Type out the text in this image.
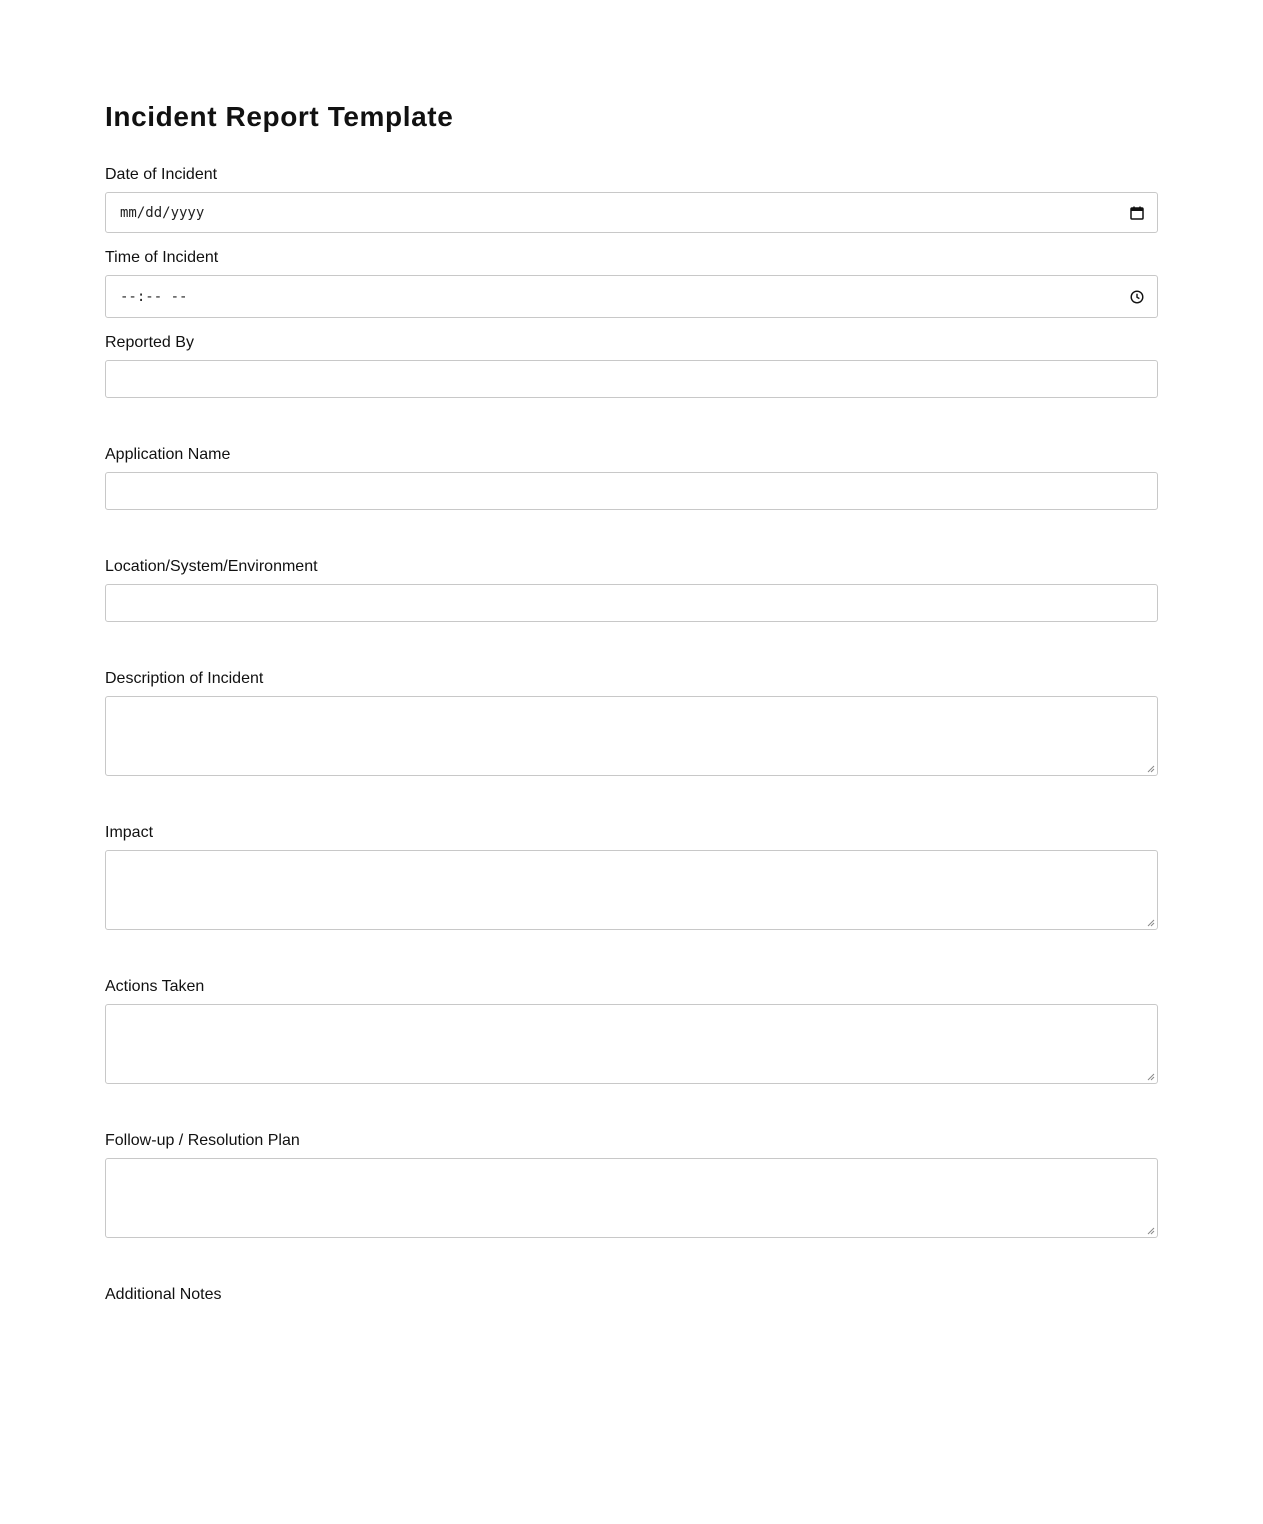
Incident Report Template
Date of Incident
mm/dd/yyyy
Time of Incident
--:-- --
Reported By
Application Name
Location/System/Environment
Description of Incident
Impact
Actions Taken
Follow-up / Resolution Plan
Additional Notes
